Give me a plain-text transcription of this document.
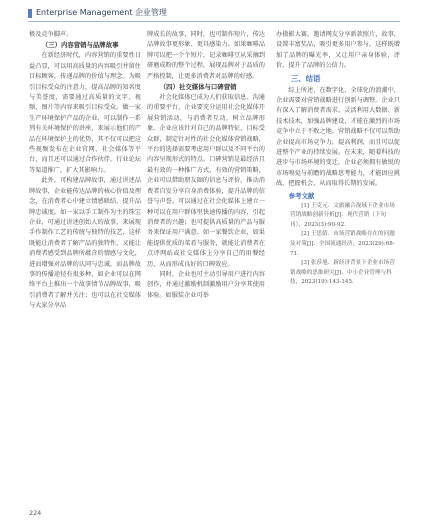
Enterprise Management 企业管理

极及竞争脚声。

（三）内容营销与品牌故事

在新经济时代，内容营销的重要性日益凸显，可以用高质量的内容吸引并留住目标顾客，传递品牌的价值与理念。为吸引目标受众的注意力，提高品牌的知名度与美誉度，需要通过高质量的文字、视频、图片等内容来吸引目标受众。做一家生产环境保护产品的企业，可以制作一系列有关环境保护的讲座，来展示他们的产品在环境保护上的优势，其不仅可以把这些视频发布在企业官网、社会媒体等平台，而且还可以通过合作伙伴、行业论坛等渠道推广，扩大其影响力。

此外，可构建品牌故事，通过讲述品牌故事，企业能传达品牌的核心价值及理念，在消费者心中建立情感联结，提升品牌忠诚度。如一家以手工制作为主的珠宝企业，可通过讲述创始人的故事，来展现手作制作工艺的传统与独特的技艺，这样既能让消费者了解产品的独特性，又能让消费者感受到品牌所蕴含的情感与文化，进而增强对品牌的认同与忠诚。而品牌故事的传播途径有很多种，如企业可以在网络平台上推出一个故事情节品牌故事，吸引消费者了解并关注；也可以在社交媒体与大家分享品

牌成长的故事，同时，也可制作短片，传达品牌故事更形象、更具感染力。如果咖啡品牌可以把一个个短片，记录咖啡豆从采摘到研磨成粉的整个过程，展现品牌对于品质的严格控制，让更多消费者对品牌的好感。

（四）社交媒体与口碑营销

社会化媒体已成为人们获取信息、沟通的重要平台，企业要充分运用社会化媒体开展营销活动，与消费者互动，树立品牌形象。企业应该针对自己的品牌特征、目标受众群，制定针对性的社会化媒体营销战略，平台的选择需要考虑用户群以及不同平台的内容呈现形式的特点。口碑营销是最经济且最有效的一种推广方式，有效的营销策略，企业可以借助朋友圈的信息与评价，推动消费者自发分享自身消费体验，提升品牌的信誉与声誉。可以通过在社会化媒体上建立一种可以在用户群体里快速传播的内容，引起消费者的兴趣；也可提供高质量的产品与服务来保证用户满意。如一家餐饮企业，如果能提供优质的菜肴与服务，就能让消费者在点评网站或社交媒体上分享自己的用餐经历，从而形成良好的口碑效应。

同时，企业也可主动引导用户进行内容创作，并通过激励机制激励用户分享其使用体验。如服装企业可举

办摄影大赛，邀请网友分享新款照片，故事，设置丰富奖品，吸引更多用户参与，这样既增加了品牌的曝光率，又让用户亲身体验、评价、提升了品牌的公信力。

三、结语

综上所述，在数字化、全球化的浪潮中，企业需要对营销战略进行创新与调整。企业只有深入了解消费者需求，灵活利用大数据、新技术技术，加强品牌建设，才能在激烈的市场竞争中立于不败之地。营销战略不仅可以帮助企业提高市场竞争力，提高利润，而且可以促进整个产业的持续发展。在未来，随着科技的进步与市场环境的变迁，企业必须拥有敏锐的市场嗅觉与前瞻的战略思考能力，才能因应挑战，把握机会，从而取得长期的发展。

参考文献

[1] 王克元．文旅融合视域下企业市场营销战略创新分析[J]．现代营销（下旬刊），2023(3):90-92．

[2] 王思婧．市场营销战略存在的问题及对策[J]．全国流通经济，2023(29):68-71．

[3] 张莎旭．新经济背景下企业市场营销战略的思维研究[J]．中小企业管理与科技，2023(19):143-145．

224
